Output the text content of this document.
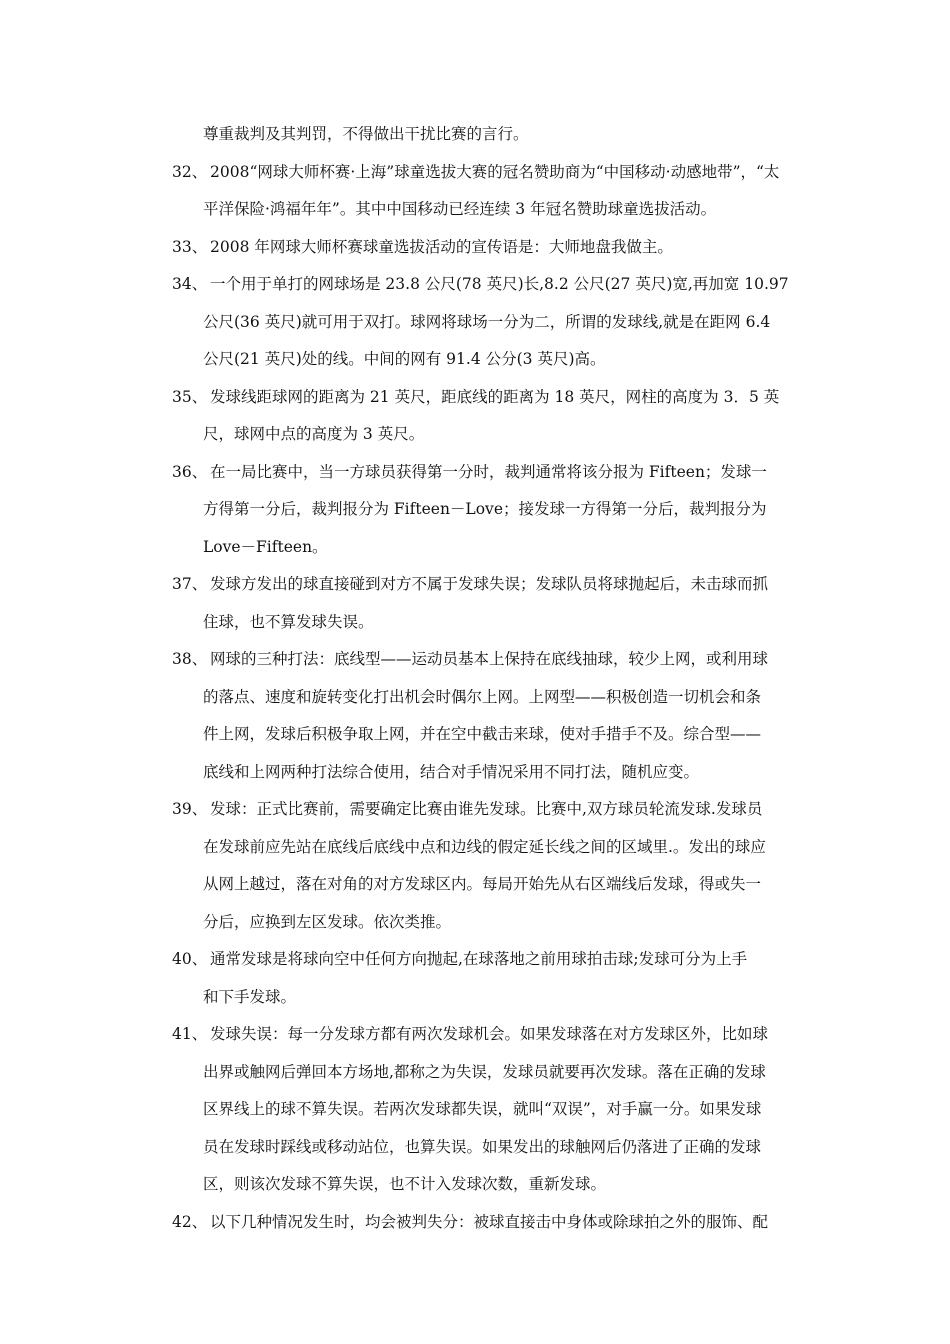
尊重裁判及其判罚，不得做出干扰比赛的言行。
32、 2008“网球大师杯赛·上海”球童选拔大赛的冠名赞助商为“中国移动·动感地带”，“太
平洋保险·鸿福年年”。其中中国移动已经连续 3 年冠名赞助球童选拔活动。
33、 2008 年网球大师杯赛球童选拔活动的宣传语是：大师地盘我做主。
34、 一个用于单打的网球场是 23.8 公尺(78 英尺)长,8.2 公尺(27 英尺)宽,再加宽 10.97
公尺(36 英尺)就可用于双打。球网将球场一分为二，所谓的发球线,就是在距网 6.4
公尺(21 英尺)处的线。中间的网有 91.4 公分(3 英尺)高。
35、 发球线距球网的距离为 21 英尺，距底线的距离为 18 英尺，网柱的高度为 3．5 英
尺，球网中点的高度为 3 英尺。
36、 在一局比赛中，当一方球员获得第一分时，裁判通常将该分报为 Fifteen；发球一
方得第一分后，裁判报分为 Fifteen－Love；接发球一方得第一分后，裁判报分为
Love－Fifteen。
37、 发球方发出的球直接碰到对方不属于发球失误；发球队员将球抛起后，未击球而抓
住球，也不算发球失误。
38、 网球的三种打法：底线型——运动员基本上保持在底线抽球，较少上网，或利用球
的落点、速度和旋转变化打出机会时偶尔上网。上网型——积极创造一切机会和条
件上网，发球后积极争取上网，并在空中截击来球，使对手措手不及。综合型——
底线和上网两种打法综合使用，结合对手情况采用不同打法，随机应变。
39、 发球：正式比赛前，需要确定比赛由谁先发球。比赛中,双方球员轮流发球.发球员
在发球前应先站在底线后底线中点和边线的假定延长线之间的区域里.。发出的球应
从网上越过，落在对角的对方发球区内。每局开始先从右区端线后发球，得或失一
分后，应换到左区发球。依次类推。
40、 通常发球是将球向空中任何方向抛起,在球落地之前用球拍击球;发球可分为上手
和下手发球。
41、 发球失误：每一分发球方都有两次发球机会。如果发球落在对方发球区外，比如球
出界或触网后弹回本方场地,都称之为失误，发球员就要再次发球。落在正确的发球
区界线上的球不算失误。若两次发球都失误，就叫“双误”，对手赢一分。如果发球
员在发球时踩线或移动站位，也算失误。如果发出的球触网后仍落进了正确的发球
区，则该次发球不算失误，也不计入发球次数，重新发球。
42、 以下几种情况发生时，均会被判失分：被球直接击中身体或除球拍之外的服饰、配
